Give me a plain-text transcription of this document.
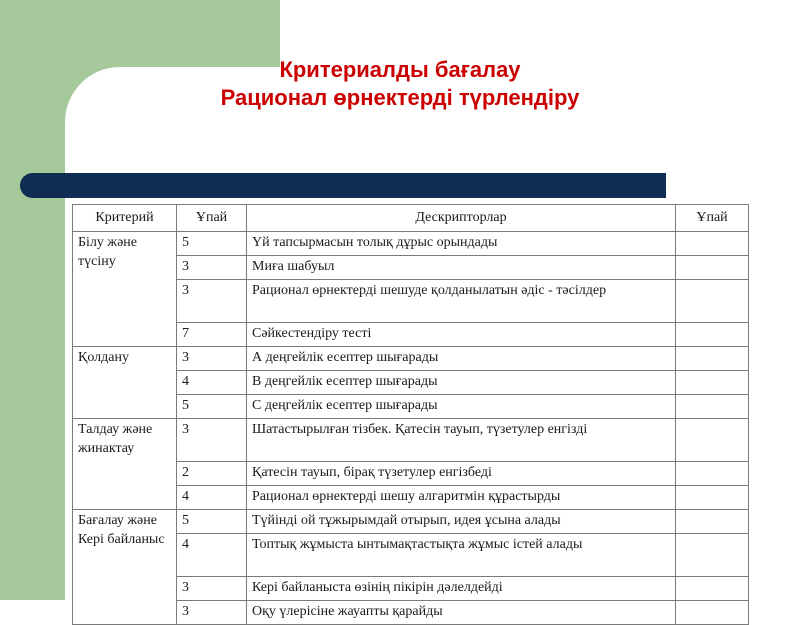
Критериалды бағалау
Рационал өрнектерді түрлендіру
Критерий	Ұпай	Дескрипторлар	Ұпай
Білу және түсіну	5	Үй тапсырмасын толық дұрыс орындады	
	3	Миға шабуыл	
	3	Рационал өрнектерді шешуде қолданылатын әдіс - тәсілдер	
	7	Сәйкестендіру тесті	
Қолдану	3	А деңгейлік есептер шығарады	
	4	В деңгейлік есептер шығарады	
	5	С деңгейлік есептер шығарады	
Талдау және жинактау	3	Шатастырылған тізбек. Қатесін тауып, түзетулер енгізді	
	2	Қатесін тауып, бірақ түзетулер енгізбеді	
	4	Рационал өрнектерді шешу алгаритмін құрастырды	
Бағалау және Кері байланыс	5	Түйінді ой тұжырымдай отырып, идея ұсына алады	
	4	Топтық жұмыста ынтымақтастықта жұмыс істей алады	
	3	Кері байланыста өзінің пікірін дәлелдейді	
	3	Оқу үлерісіне жауапты қарайды	
